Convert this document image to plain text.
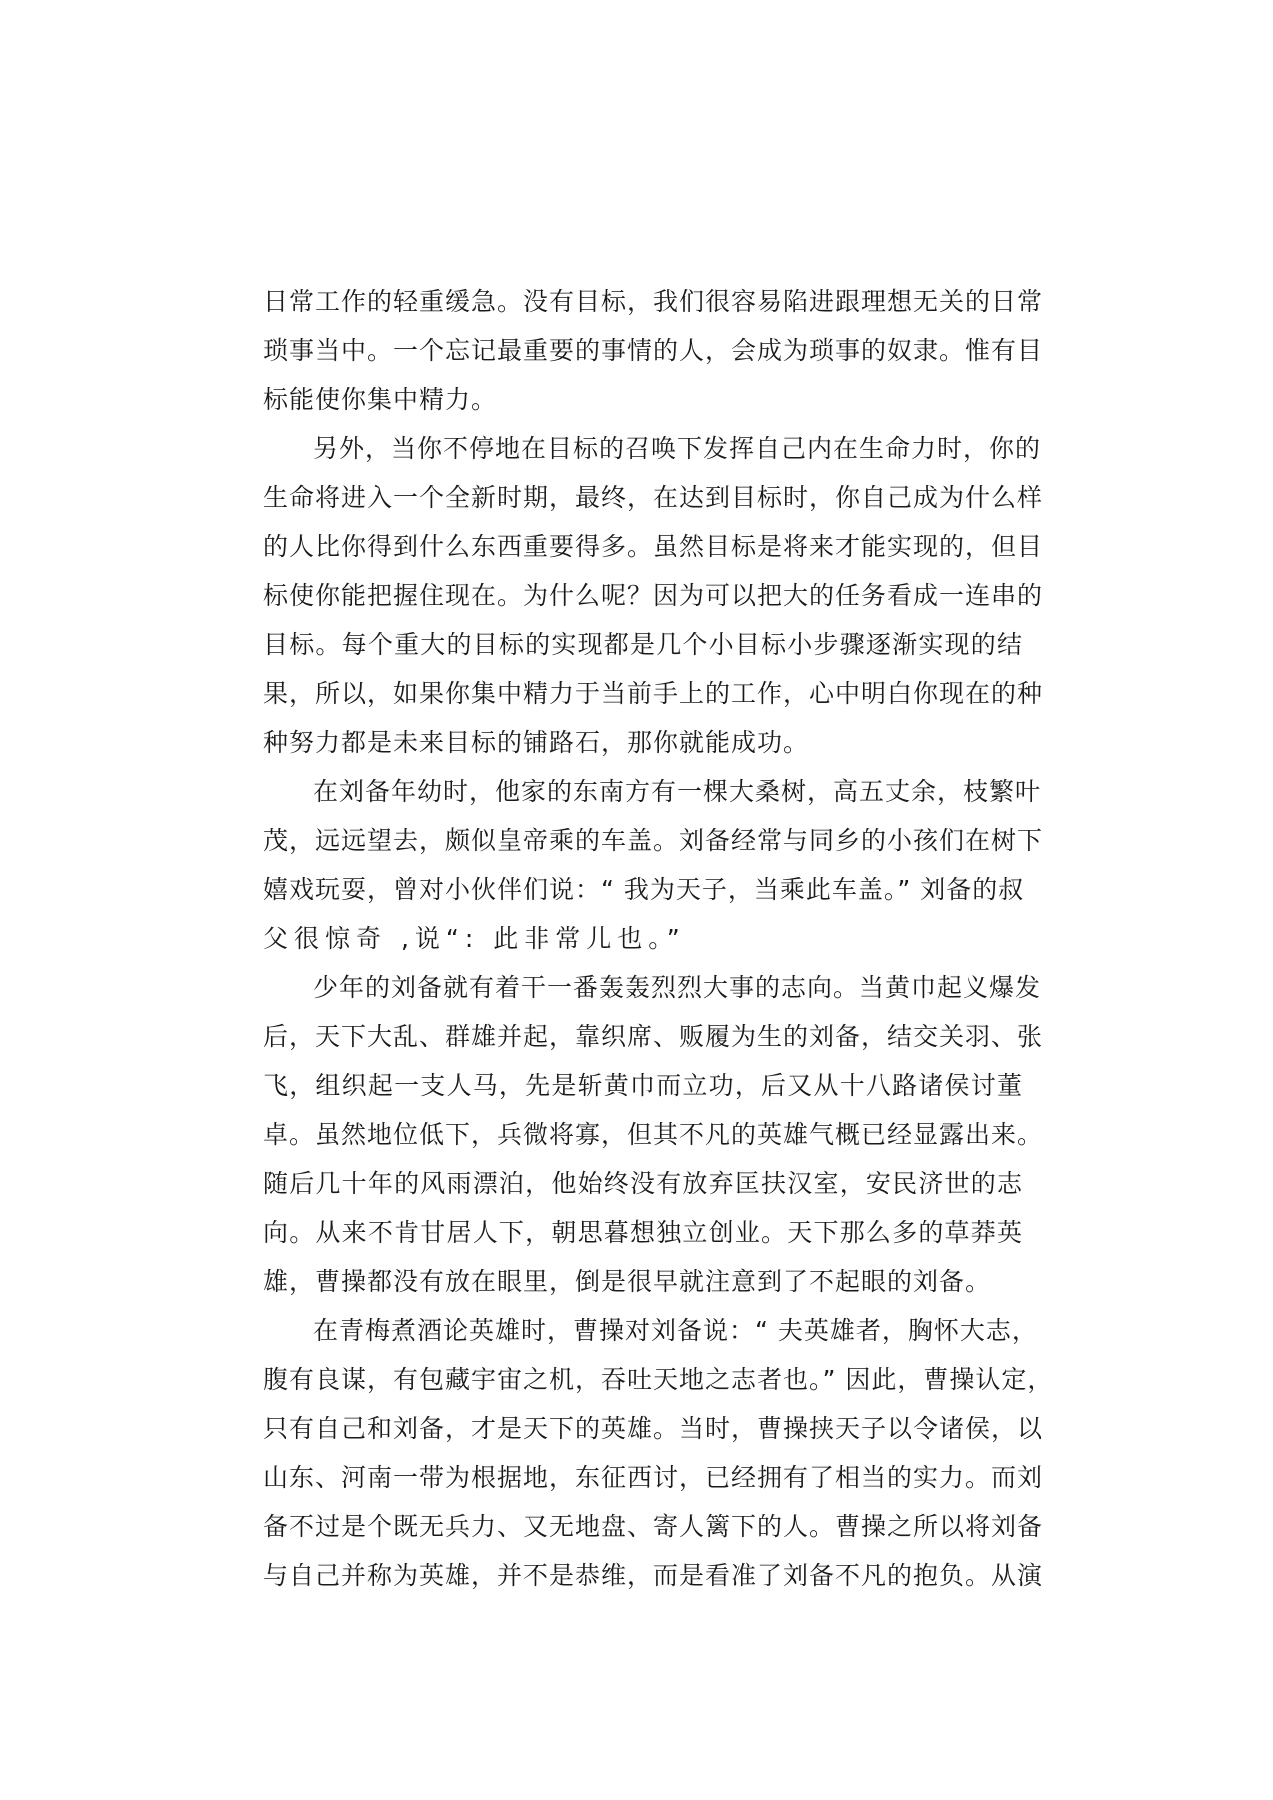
日常工作的轻重缓急。没有目标，我们很容易陷进跟理想无关的日常
琐事当中。一个忘记最重要的事情的人，会成为琐事的奴隶。惟有目
标能使你集中精力。
另外，当你不停地在目标的召唤下发挥自己内在生命力时，你的
生命将进入一个全新时期，最终，在达到目标时，你自己成为什么样
的人比你得到什么东西重要得多。虽然目标是将来才能实现的，但目
标使你能把握住现在。为什么呢？因为可以把大的任务看成一连串的
目标。每个重大的目标的实现都是几个小目标小步骤逐渐实现的结
果，所以，如果你集中精力于当前手上的工作，心中明白你现在的种
种努力都是未来目标的铺路石，那你就能成功。
在刘备年幼时，他家的东南方有一棵大桑树，高五丈余，枝繁叶
茂，远远望去，颇似皇帝乘的车盖。刘备经常与同乡的小孩们在树下
嬉戏玩耍，曾对小伙伴们说：“ 我为天子，当乘此车盖。” 刘备的叔
父很惊奇 ,说“: 此非常儿也。”
少年的刘备就有着干一番轰轰烈烈大事的志向。当黄巾起义爆发
后，天下大乱、群雄并起，靠织席、贩履为生的刘备，结交关羽、张
飞，组织起一支人马，先是斩黄巾而立功，后又从十八路诸侯讨董
卓。虽然地位低下，兵微将寡，但其不凡的英雄气概已经显露出来。
随后几十年的风雨漂泊，他始终没有放弃匡扶汉室，安民济世的志
向。从来不肯甘居人下，朝思暮想独立创业。天下那么多的草莽英
雄，曹操都没有放在眼里，倒是很早就注意到了不起眼的刘备。
在青梅煮酒论英雄时，曹操对刘备说：“ 夫英雄者，胸怀大志，
腹有良谋，有包藏宇宙之机，吞吐天地之志者也。” 因此，曹操认定，
只有自己和刘备，才是天下的英雄。当时，曹操挟天子以令诸侯，以
山东、河南一带为根据地，东征西讨，已经拥有了相当的实力。而刘
备不过是个既无兵力、又无地盘、寄人篱下的人。曹操之所以将刘备
与自己并称为英雄，并不是恭维，而是看准了刘备不凡的抱负。从演
